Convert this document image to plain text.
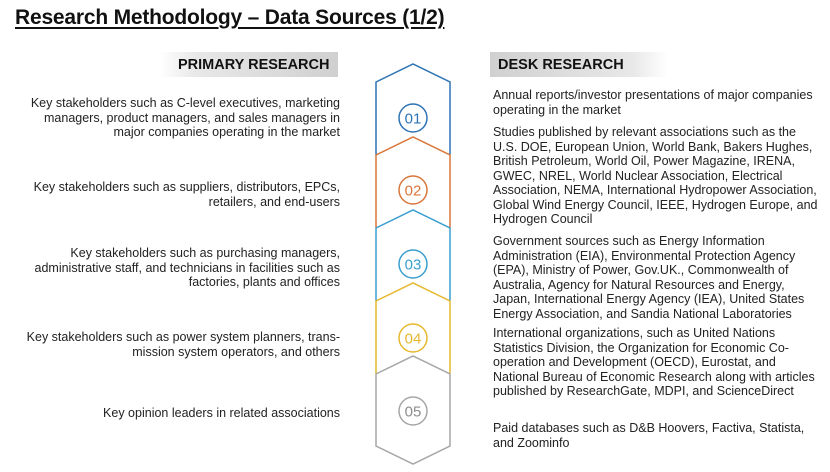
Research Methodology – Data Sources (1/2)
PRIMARY RESEARCH	DESK RESEARCH
Key stakeholders such as C-level executives, marketing managers, product managers, and sales managers in major companies operating in the market
Key stakeholders such as suppliers, distributors, EPCs, retailers, and end-users
Key stakeholders such as purchasing managers, administrative staff, and technicians in facilities such as factories, plants and offices
Key stakeholders such as power system planners, trans-mission system operators, and others
Key opinion leaders in related associations
01
02
03
04
05
Annual reports/investor presentations of major companies operating in the market
Studies published by relevant associations such as the U.S. DOE, European Union, World Bank, Bakers Hughes, British Petroleum, World Oil, Power Magazine, IRENA, GWEC, NREL, World Nuclear Association, Electrical Association, NEMA, International Hydropower Association, Global Wind Energy Council, IEEE, Hydrogen Europe, and Hydrogen Council
Government sources such as Energy Information Administration (EIA), Environmental Protection Agency (EPA), Ministry of Power, Gov.UK., Commonwealth of Australia, Agency for Natural Resources and Energy, Japan, International Energy Agency (IEA), United States Energy Association, and Sandia National Laboratories
International organizations, such as United Nations Statistics Division, the Organization for Economic Co-operation and Development (OECD), Eurostat, and National Bureau of Economic Research along with articles published by ResearchGate, MDPI, and ScienceDirect
Paid databases such as D&B Hoovers, Factiva, Statista, and Zoominfo
